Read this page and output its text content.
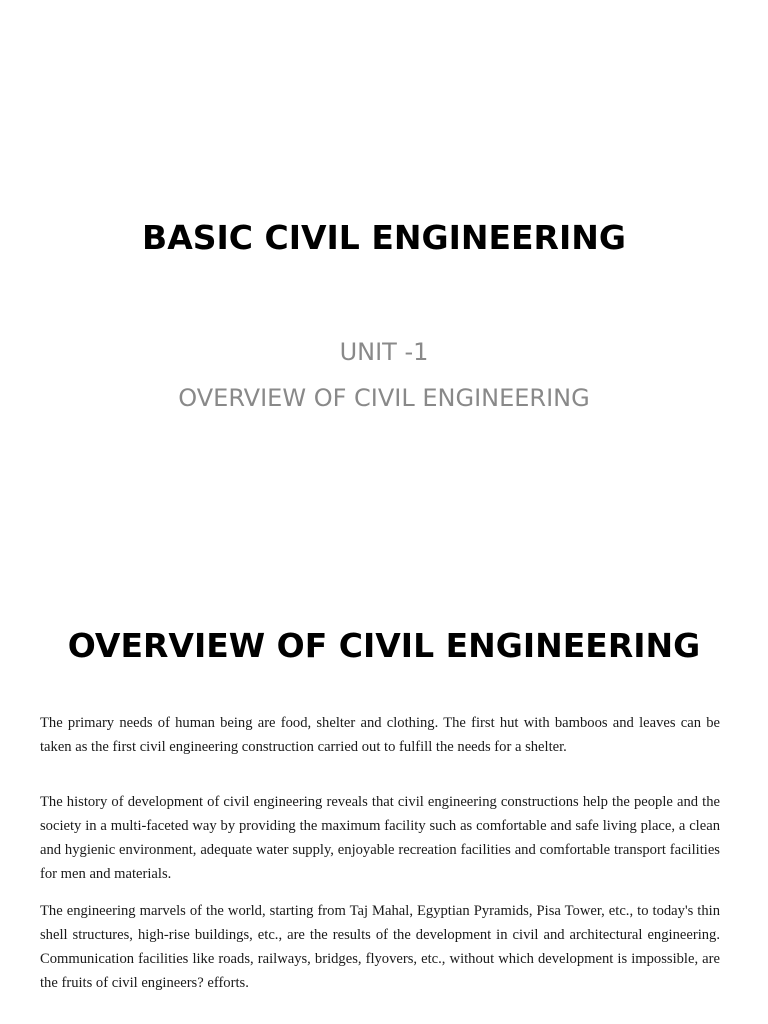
BASIC CIVIL ENGINEERING

UNIT -1

OVERVIEW OF CIVIL ENGINEERING

OVERVIEW OF CIVIL ENGINEERING

The primary needs of human being are food, shelter and clothing. The first hut with bamboos and leaves can be taken as the first civil engineering construction carried out to fulfill the needs for a shelter.

The history of development of civil engineering reveals that civil engineering constructions help the people and the society in a multi-faceted way by providing the maximum facility such as comfortable and safe living place, a clean and hygienic environment, adequate water supply, enjoyable recreation facilities and comfortable transport facilities for men and materials.

The engineering marvels of the world, starting from Taj Mahal, Egyptian Pyramids, Pisa Tower, etc., to today's thin shell structures, high-rise buildings, etc., are the results of the development in civil and architectural engineering. Communication facilities like roads, railways, bridges, flyovers, etc., without which development is impossible, are the fruits of civil engineers? efforts.
